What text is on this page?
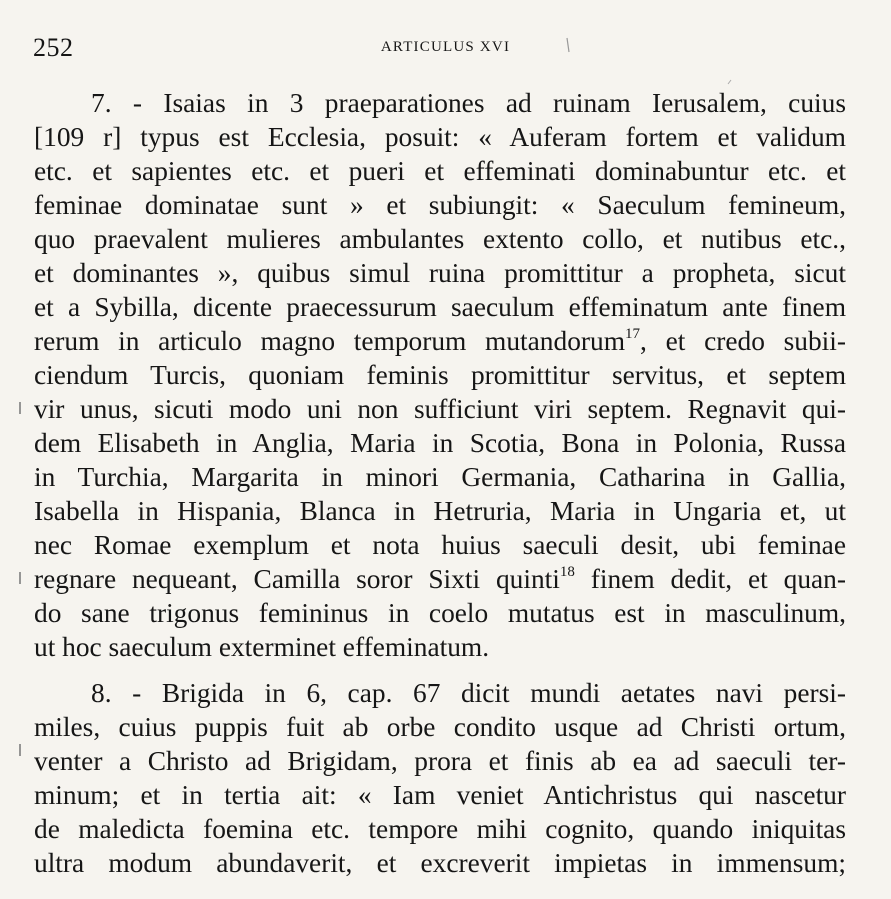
252	ARTICULUS XVI
7. - Isaias in 3 praeparationes ad ruinam Ierusalem, cuius
[109 r] typus est Ecclesia, posuit: « Auferam fortem et validum
etc. et sapientes etc. et pueri et effeminati dominabuntur etc. et
feminae dominatae sunt » et subiungit: « Saeculum femineum,
quo praevalent mulieres ambulantes extento collo, et nutibus etc.,
et dominantes », quibus simul ruina promittitur a propheta, sicut
et a Sybilla, dicente praecessurum saeculum effeminatum ante finem
rerum in articulo magno temporum mutandorum$^{17}$, et credo subii-
ciendum Turcis, quoniam feminis promittitur servitus, et septem
vir unus, sicuti modo uni non sufficiunt viri septem. Regnavit qui-
dem Elisabeth in Anglia, Maria in Scotia, Bona in Polonia, Russa
in Turchia, Margarita in minori Germania, Catharina in Gallia,
Isabella in Hispania, Blanca in Hetruria, Maria in Ungaria et, ut
nec Romae exemplum et nota huius saeculi desit, ubi feminae
regnare nequeant, Camilla soror Sixti quinti$^{18}$ finem dedit, et quan-
do sane trigonus femininus in coelo mutatus est in masculinum,
ut hoc saeculum exterminet effeminatum.
8. - Brigida in 6, cap. 67 dicit mundi aetates navi persi-
miles, cuius puppis fuit ab orbe condito usque ad Christi ortum,
venter a Christo ad Brigidam, prora et finis ab ea ad saeculi ter-
minum; et in tertia ait: « Iam veniet Antichristus qui nascetur
de maledicta foemina etc. tempore mihi cognito, quando iniquitas
ultra modum abundaverit, et excreverit impietas in immensum;
